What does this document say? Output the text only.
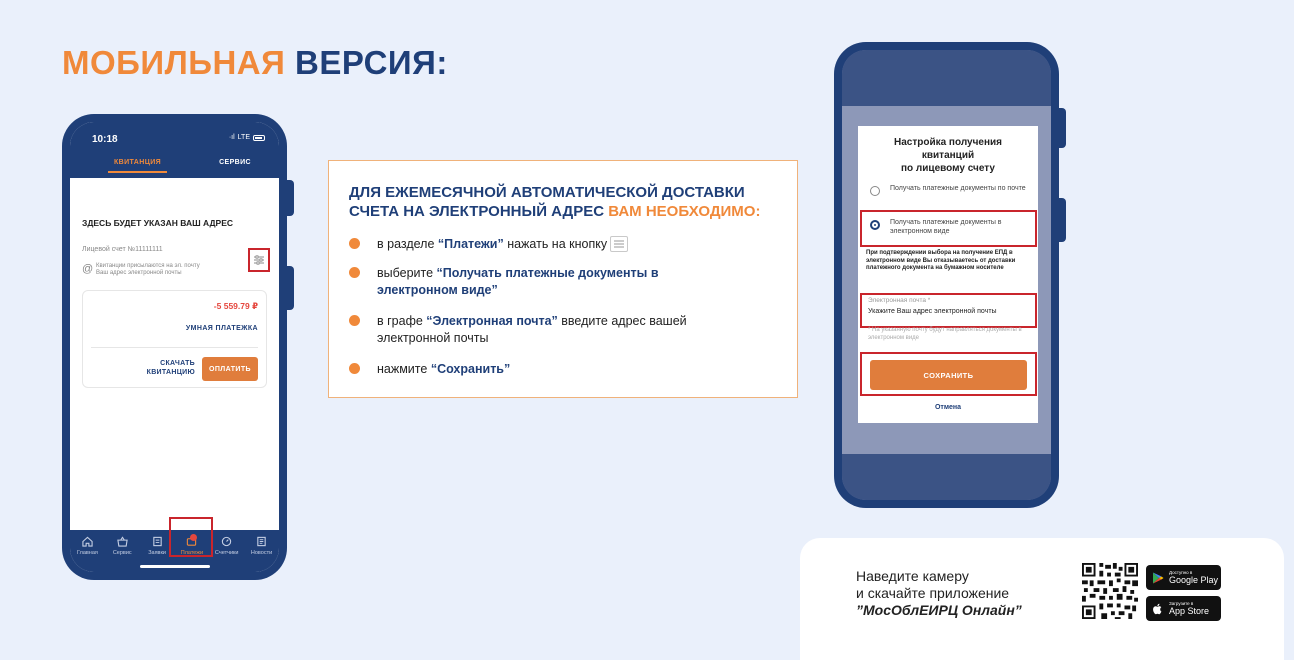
МОБИЛЬНАЯ ВЕРСИЯ:
10:18	·ıl LTE
КВИТАНЦИЯ	СЕРВИС
ЗДЕСЬ БУДЕТ УКАЗАН ВАШ АДРЕС
Лицевой счет №11111111
@ Квитанции присылаются на эл. почту
Ваш адрес электронной почты
-5 559.79 ₽
УМНАЯ ПЛАТЕЖКА
СКАЧАТЬ
КВИТАНЦИЮ	ОПЛАТИТЬ
Главная	Сервис	Заявки	Платежи Счетчики Новости
ДЛЯ ЕЖЕМЕСЯЧНОЙ АВТОМАТИЧЕСКОЙ ДОСТАВКИ СЧЕТА НА ЭЛЕКТРОННЫЙ АДРЕС ВАМ НЕОБХОДИМО:
в разделе “Платежи” нажать на кнопку
выберите “Получать платежные документы в электронном виде”
в графе “Электронная почта” введите адрес вашей электронной почты
нажмите “Сохранить”
Настройка получения
квитанций
по лицевому счету
Получать платежные документы по почте
Получать платежные документы в электронном виде
При подтверждении выбора на получение ЕПД в электронном виде Вы отказываетесь от доставки платежного документа на бумажном носителе
Электронная почта *
Укажите Ваш адрес электронной почты
* На указанную почту будут направляться документы в электронном виде
СОХРАНИТЬ
Отмена
Наведите камеру
и скачайте приложение
”МосОблЕИРЦ Онлайн”
Доступно в
Google Play
Загрузите в
App Store
